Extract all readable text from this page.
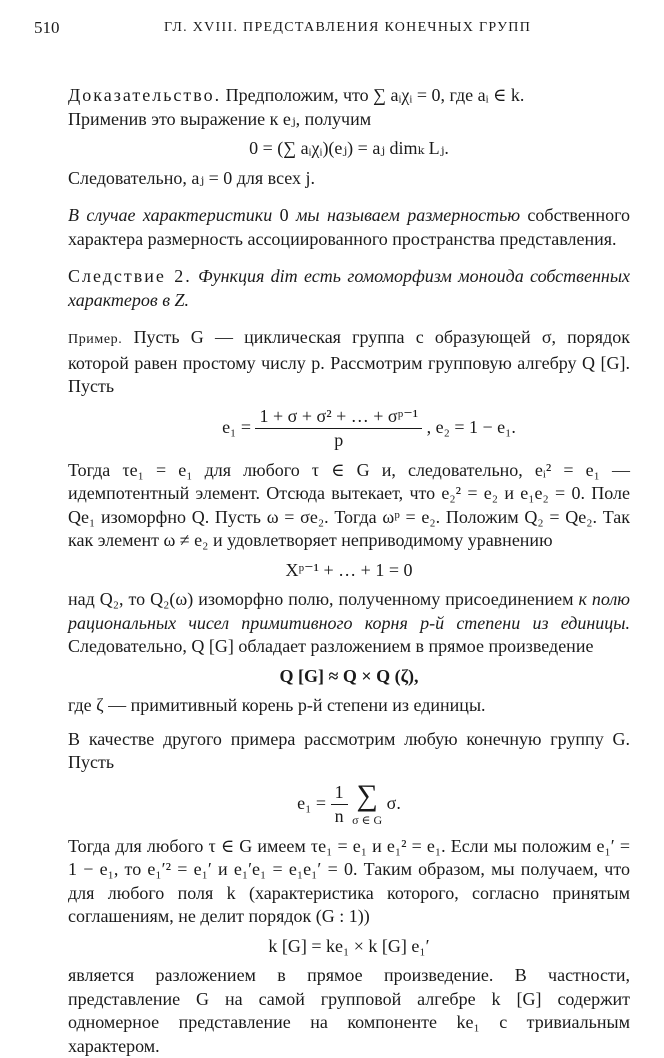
510	ГЛ. XVIII. ПРЕДСТАВЛЕНИЯ КОНЕЧНЫХ ГРУПП

Доказательство. Предположим, что ∑ aᵢχᵢ = 0, где aᵢ ∈ k.
Применив это выражение к eⱼ, получим

0 = (∑ aᵢχᵢ)(eⱼ) = aⱼ dimₖ Lⱼ.

Следовательно, aⱼ = 0 для всех j.

В случае характеристики 0 мы называем размерностью собственного характера размерность ассоциированного пространства представления.

Следствие 2. Функция dim есть гомоморфизм моноида собственных характеров в Z.

Пример. Пусть G — циклическая группа с образующей σ, порядок которой равен простому числу p. Рассмотрим групповую алгебру Q [G]. Пусть

$e_1 = \frac{\text{1 + σ + σ² + … + σᵖ⁻¹}}{p}$ , e₂ = 1 − e₁.

Тогда τe₁ = e₁ для любого τ ∈ G и, следовательно, eᵢ² = e₁ — идемпотентный элемент. Отсюда вытекает, что e₂² = e₂ и e₁e₂ = 0. Поле Qe₁ изоморфно Q. Пусть ω = σe₂. Тогда ωᵖ = e₂. Положим Q₂ = Qe₂. Так как элемент ω ≠ e₂ и удовлетворяет неприводимому уравнению

Xᵖ⁻¹ + … + 1 = 0

над Q₂, то Q₂(ω) изоморфно полю, полученному присоединением к полю рациональных чисел примитивного корня p-й степени из единицы. Следовательно, Q [G] обладает разложением в прямое произведение

Q [G] ≈ Q × Q (ζ),

где ζ — примитивный корень p-й степени из единицы.

В качестве другого примера рассмотрим любую конечную группу G. Пусть

$e_1 = \frac{1}{n}$
∑
σ ∈ G
σ.

Тогда для любого τ ∈ G имеем τe₁ = e₁ и e₁² = e₁. Если мы положим e₁′ = 1 − e₁, то e₁′² = e₁′ и e₁′e₁ = e₁e₁′ = 0. Таким образом, мы получаем, что для любого поля k (характеристика которого, согласно принятым соглашениям, не делит порядок (G : 1))

k [G] = ke₁ × k [G] e₁′

является разложением в прямое произведение. В частности, представление G на самой групповой алгебре k [G] содержит одномерное представление на компоненте ke₁ с тривиальным характером.
